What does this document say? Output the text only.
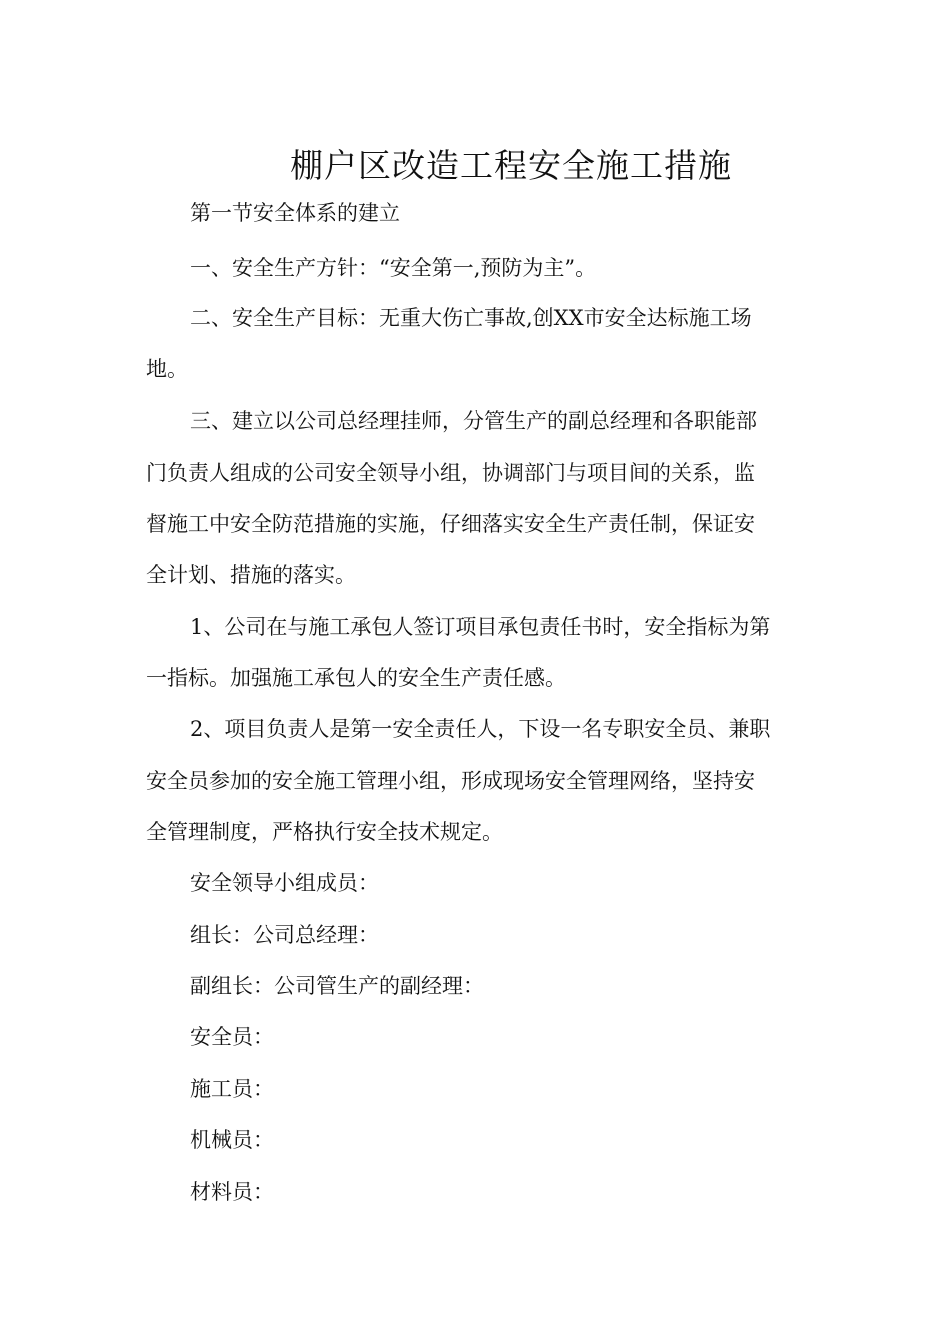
棚户区改造工程安全施工措施
第一节安全体系的建立
一、安全生产方针：“安全第一,预防为主”。
二、安全生产目标：无重大伤亡事故,创XX市安全达标施工场
地。
三、建立以公司总经理挂师，分管生产的副总经理和各职能部
门负责人组成的公司安全领导小组，协调部门与项目间的关系，监
督施工中安全防范措施的实施，仔细落实安全生产责任制，保证安
全计划、措施的落实。
1、公司在与施工承包人签订项目承包责任书时，安全指标为第
一指标。加强施工承包人的安全生产责任感。
2、项目负责人是第一安全责任人，下设一名专职安全员、兼职
安全员参加的安全施工管理小组，形成现场安全管理网络，坚持安
全管理制度，严格执行安全技术规定。
安全领导小组成员：
组长：公司总经理：
副组长：公司管生产的副经理：
安全员：
施工员：
机械员：
材料员：
